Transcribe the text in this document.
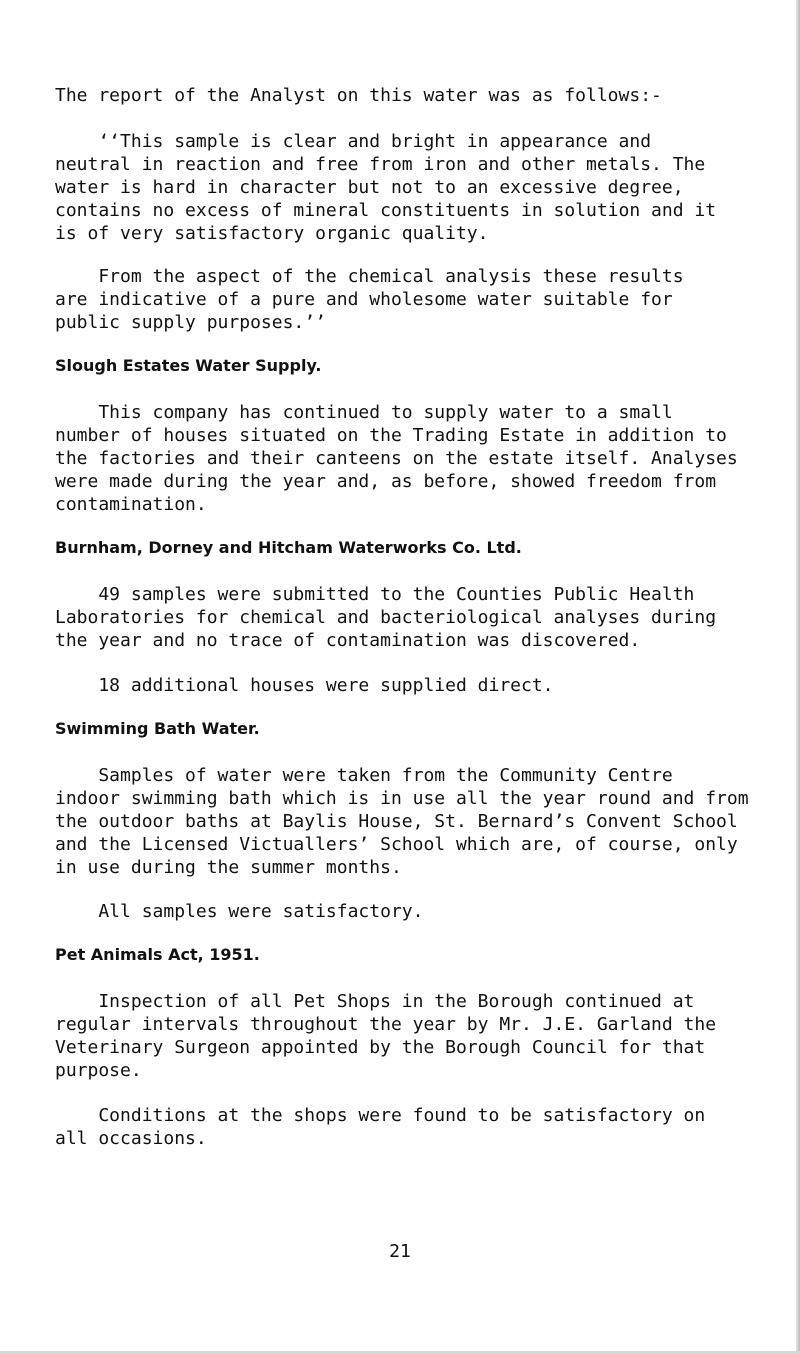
The report of the Analyst on this water was as follows:-

‘‘This sample is clear and bright in appearance and
neutral in reaction and free from iron and other metals. The
water is hard in character but not to an excessive degree,
contains no excess of mineral constituents in solution and it
is of very satisfactory organic quality.

From the aspect of the chemical analysis these results
are indicative of a pure and wholesome water suitable for
public supply purposes.’’

Slough Estates Water Supply.

This company has continued to supply water to a small
number of houses situated on the Trading Estate in addition to
the factories and their canteens on the estate itself. Analyses
were made during the year and, as before, showed freedom from
contamination.

Burnham, Dorney and Hitcham Waterworks Co. Ltd.

49 samples were submitted to the Counties Public Health
Laboratories for chemical and bacteriological analyses during
the year and no trace of contamination was discovered.

18 additional houses were supplied direct.

Swimming Bath Water.

Samples of water were taken from the Community Centre
indoor swimming bath which is in use all the year round and from
the outdoor baths at Baylis House, St. Bernard’s Convent School
and the Licensed Victuallers’ School which are, of course, only
in use during the summer months.

All samples were satisfactory.

Pet Animals Act, 1951.

Inspection of all Pet Shops in the Borough continued at
regular intervals throughout the year by Mr. J.E. Garland the
Veterinary Surgeon appointed by the Borough Council for that
purpose.

Conditions at the shops were found to be satisfactory on
all occasions.

21
